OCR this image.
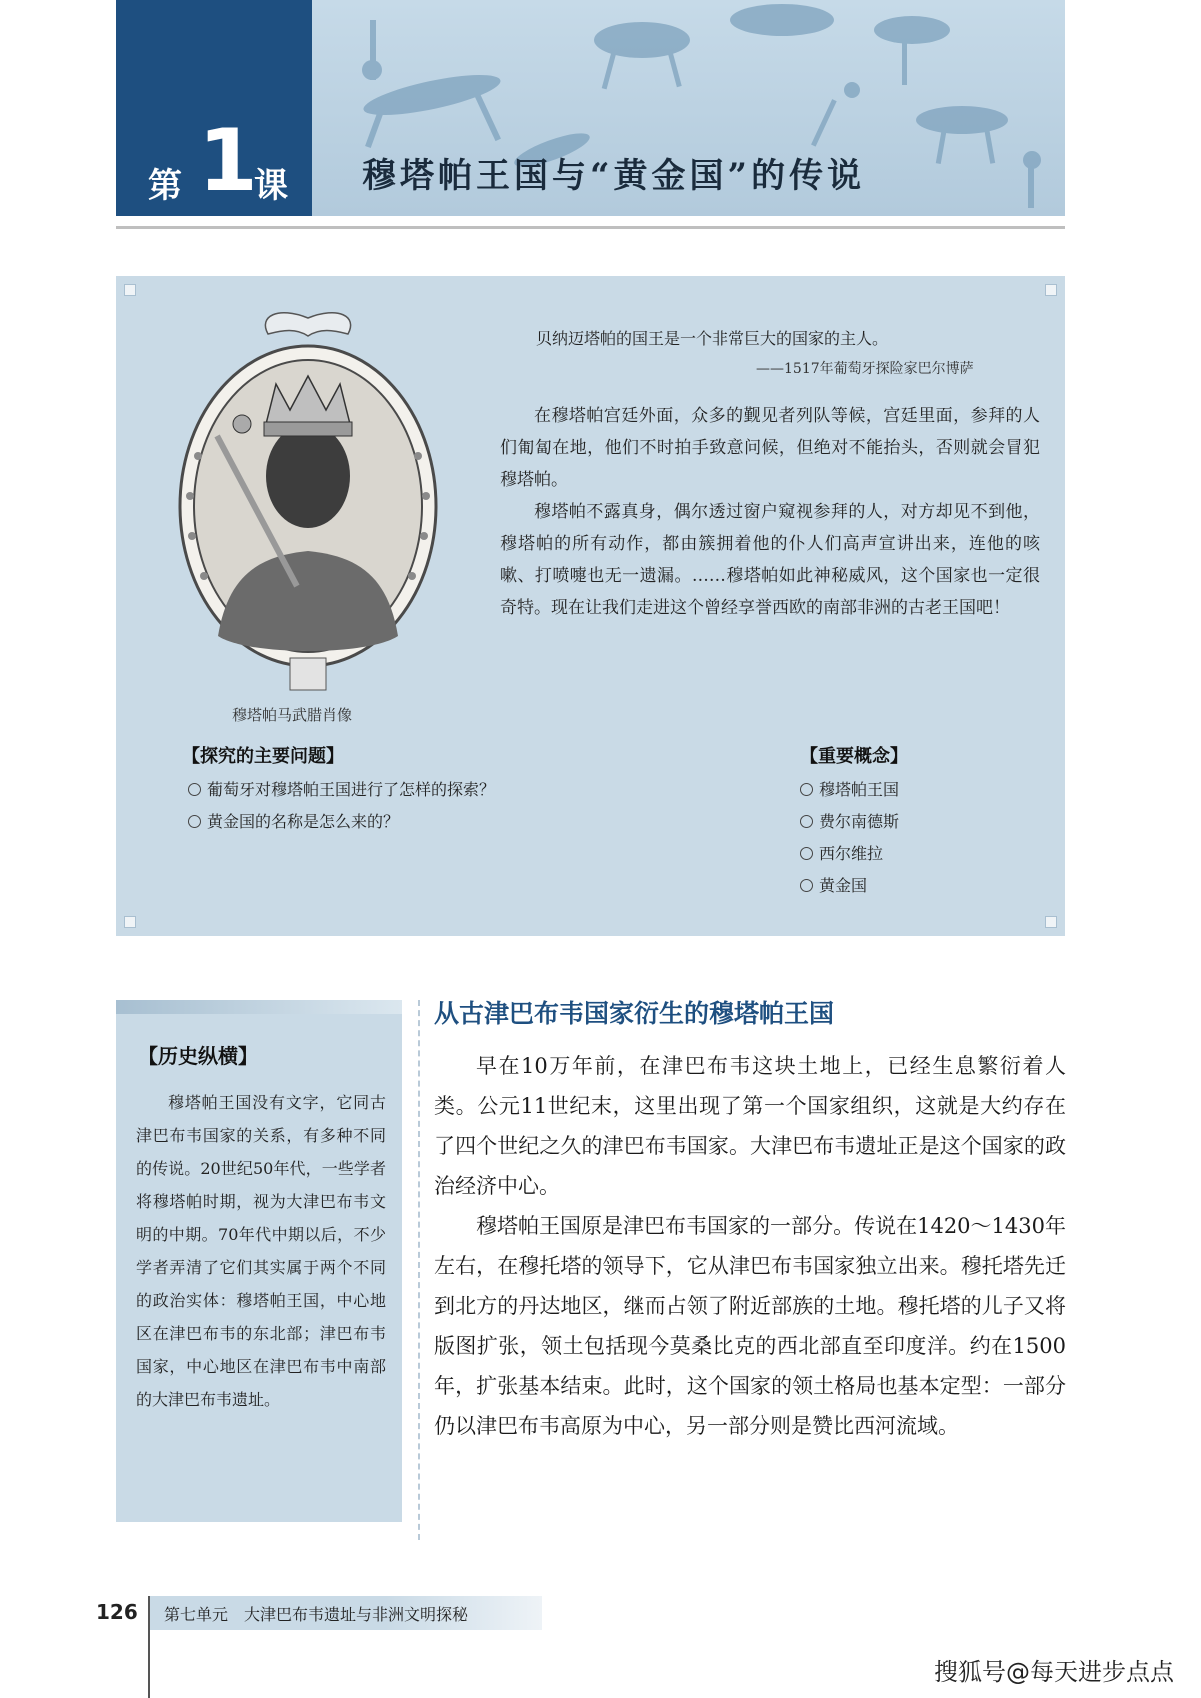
第 1
课 穆塔帕王国与“黄金国”的传说
穆塔帕马武腊肖像
贝纳迈塔帕的国王是一个非常巨大的国家的主人。
——1517年葡萄牙探险家巴尔博萨

在穆塔帕宫廷外面，众多的觐见者列队等候，宫廷里面，参拜的人们匍匐在地，他们不时拍手致意问候，但绝对不能抬头，否则就会冒犯穆塔帕。

穆塔帕不露真身，偶尔透过窗户窥视参拜的人，对方却见不到他，穆塔帕的所有动作，都由簇拥着他的仆人们高声宣讲出来，连他的咳嗽、打喷嚏也无一遗漏。……穆塔帕如此神秘威风，这个国家也一定很奇特。现在让我们走进这个曾经享誉西欧的南部非洲的古老王国吧！

【探究的主要问题】
葡萄牙对穆塔帕王国进行了怎样的探索？
黄金国的名称是怎么来的？
【重要概念】
穆塔帕王国
费尔南德斯
西尔维拉
黄金国
【历史纵横】
穆塔帕王国没有文字，它同古津巴布韦国家的关系，有多种不同的传说。20世纪50年代，一些学者将穆塔帕时期，视为大津巴布韦文明的中期。70年代中期以后，不少学者弄清了它们其实属于两个不同的政治实体：穆塔帕王国，中心地区在津巴布韦的东北部；津巴布韦国家，中心地区在津巴布韦中南部的大津巴布韦遗址。
从古津巴布韦国家衍生的穆塔帕王国

早在10万年前，在津巴布韦这块土地上，已经生息繁衍着人类。公元11世纪末，这里出现了第一个国家组织，这就是大约存在了四个世纪之久的津巴布韦国家。大津巴布韦遗址正是这个国家的政治经济中心。

穆塔帕王国原是津巴布韦国家的一部分。传说在1420～1430年左右，在穆托塔的领导下，它从津巴布韦国家独立出来。穆托塔先迁到北方的丹达地区，继而占领了附近部族的土地。穆托塔的儿子又将版图扩张，领土包括现今莫桑比克的西北部直至印度洋。约在1500年，扩张基本结束。此时，这个国家的领土格局也基本定型：一部分仍以津巴布韦高原为中心，另一部分则是赞比西河流域。

126 第七单元　大津巴布韦遗址与非洲文明探秘
搜狐号@每天进步点点
